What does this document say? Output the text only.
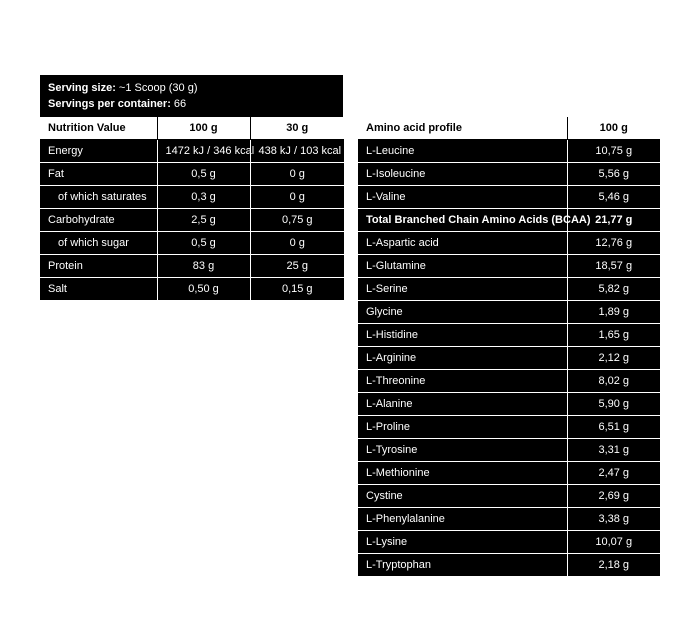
Serving size: ~1 Scoop (30 g)
Servings per container: 66
Nutrition Value	100 g	30 g
Energy	1472 kJ / 346 kcal	438 kJ / 103 kcal
Fat	0,5 g	0 g
of which saturates	0,3 g	0 g
Carbohydrate	2,5 g	0,75 g
of which sugar	0,5 g	0 g
Protein	83 g	25 g
Salt	0,50 g	0,15 g
Amino acid profile	100 g
L-Leucine	10,75 g
L-Isoleucine	5,56 g
L-Valine	5,46 g
Total Branched Chain Amino Acids (BCAA)	21,77 g
L-Aspartic acid	12,76 g
L-Glutamine	18,57 g
L-Serine	5,82 g
Glycine	1,89 g
L-Histidine	1,65 g
L-Arginine	2,12 g
L-Threonine	8,02 g
L-Alanine	5,90 g
L-Proline	6,51 g
L-Tyrosine	3,31 g
L-Methionine	2,47 g
Cystine	2,69 g
L-Phenylalanine	3,38 g
L-Lysine	10,07 g
L-Tryptophan	2,18 g
